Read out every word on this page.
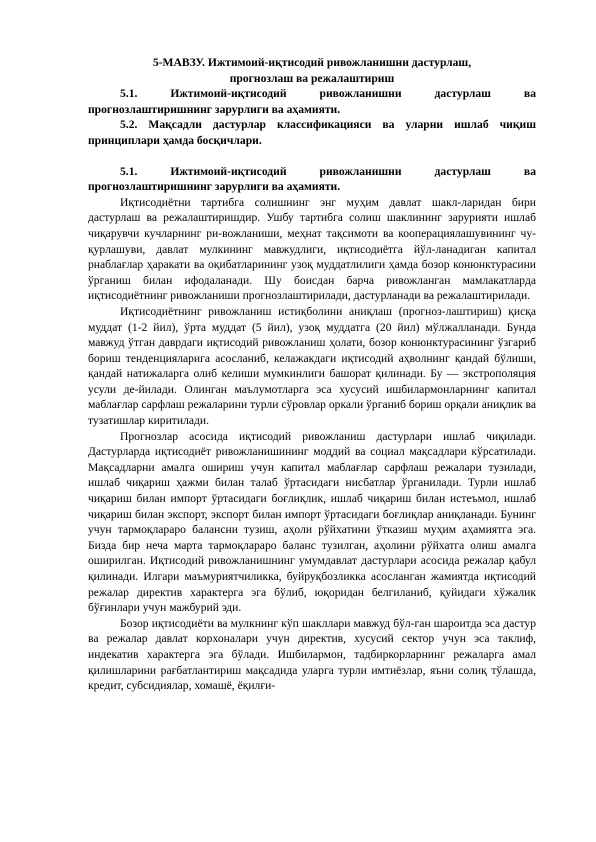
5-МАВЗУ. Ижтимоий-иқтисодий ривожланишни дастурлаш,
прогнозлаш ва режалаштириш

5.1. Ижтимоий-иқтисодий ривожланишни дастурлаш ва прогнозлаштиришнинг зарурлиги ва аҳамияти.

5.2. Мақсадли дастурлар классификацияси ва уларни ишлаб чиқиш принциплари ҳамда босқичлари.

5.1. Ижтимоий-иқтисодий ривожланишни дастурлаш ва прогнозлаштиришнинг зарурлиги ва аҳамияти.

Иқтисодиётни тартибга солишнинг энг муҳим давлат шакл-ларидан бири дастурлаш ва режалаштиришдир. Ушбу тартибга солиш шаклининг зарурияти ишлаб чиқарувчи кучларнинг ри-вожланиши, меҳнат тақсимоти ва кооперациялашувининг чу-қурлашуви, давлат мулкининг мавжудлиги, иқтисодиётга йўл-ланадиган капитал рнаблағлар ҳаракати ва оқибатларининг узоқ муддатлилиги ҳамда бозор конюнктурасини ўрганиш билан ифодаланади. Шу боисдан барча ривожланган мамлакатларда иқтисодиётнинг ривожланиши прогнозлаштирилади, дастурланади ва режалаштирилади.

Иқтисодиётнинг ривожланиш истиқболини аниқлаш (прогноз-лаштириш) қисқа муддат (1-2 йил), ўрта муддат (5 йил), узоқ муддатга (20 йил) мўлжалланади. Бунда мавжуд ўтган даврдаги иқтисодий ривожланиш ҳолати, бозор конюнктурасининг ўзгариб бориш тенденцияларига асосланиб, келажакдаги иқтисодий аҳволнинг қандай бўлиши, қандай натижаларга олиб келиши мумкинлиги башорат қилинади. Бу — экстрополяция усули де-йилади. Олинган маълумотларга эса хусусий ишбилармонларнинг капитал маблағлар сарфлаш режаларини турли сўровлар оркали ўрганиб бориш орқали аниқлик ва тузатишлар киритилади.

Прогнозлар асосида иқтисодий ривожланиш дастурлари ишлаб чиқилади. Дастурларда иқтисодиёт ривожланишининг моддий ва социал мақсадлари кўрсатилади. Мақсадларни амалга ошириш учун капитал маблағлар сарфлаш режалари тузилади, ишлаб чиқариш ҳажми билан талаб ўртасидаги нисбатлар ўрганилади. Турли ишлаб чиқариш билан импорт ўртасидаги боғлиқлик, ишлаб чиқариш билан истеъмол, ишлаб чиқариш билан экспорт, экспорт билан импорт ўртасидаги боғлиқлар аниқланади. Бунинг учун тармоқлараро балансни тузиш, аҳоли рўйхатини ўтказиш муҳим аҳамиятга эга. Бизда бир неча марта тармоқлараро баланс тузилган, аҳолини рўйхатга олиш амалга оширилган. Иқтисодий ривожланишнинг умумдавлат дастурлари асосида режалар қабул қилинади. Илгари маъмуриятчиликка, буйруқбозликка асосланган жамиятда иқтисодий режалар директив характерга эга бўлиб, юқоридан белгиланиб, қуйидаги хўжалик бўғинлари учун мажбурий эди.

Бозор иқтисодиёти ва мулкнинг кўп шакллари мавжуд бўл-ган шароитда эса дастур ва режалар давлат корхоналари учун директив, хусусий сектор учун эса таклиф, индекатив характерга эга бўлади. Ишбилармон, тадбиркорларнинг режаларга амал қилишларини рағбатлантириш мақсадида уларга турли имтиёзлар, яъни солиқ тўлашда, кредит, субсидиялар, хомашё, ёқилғи-
